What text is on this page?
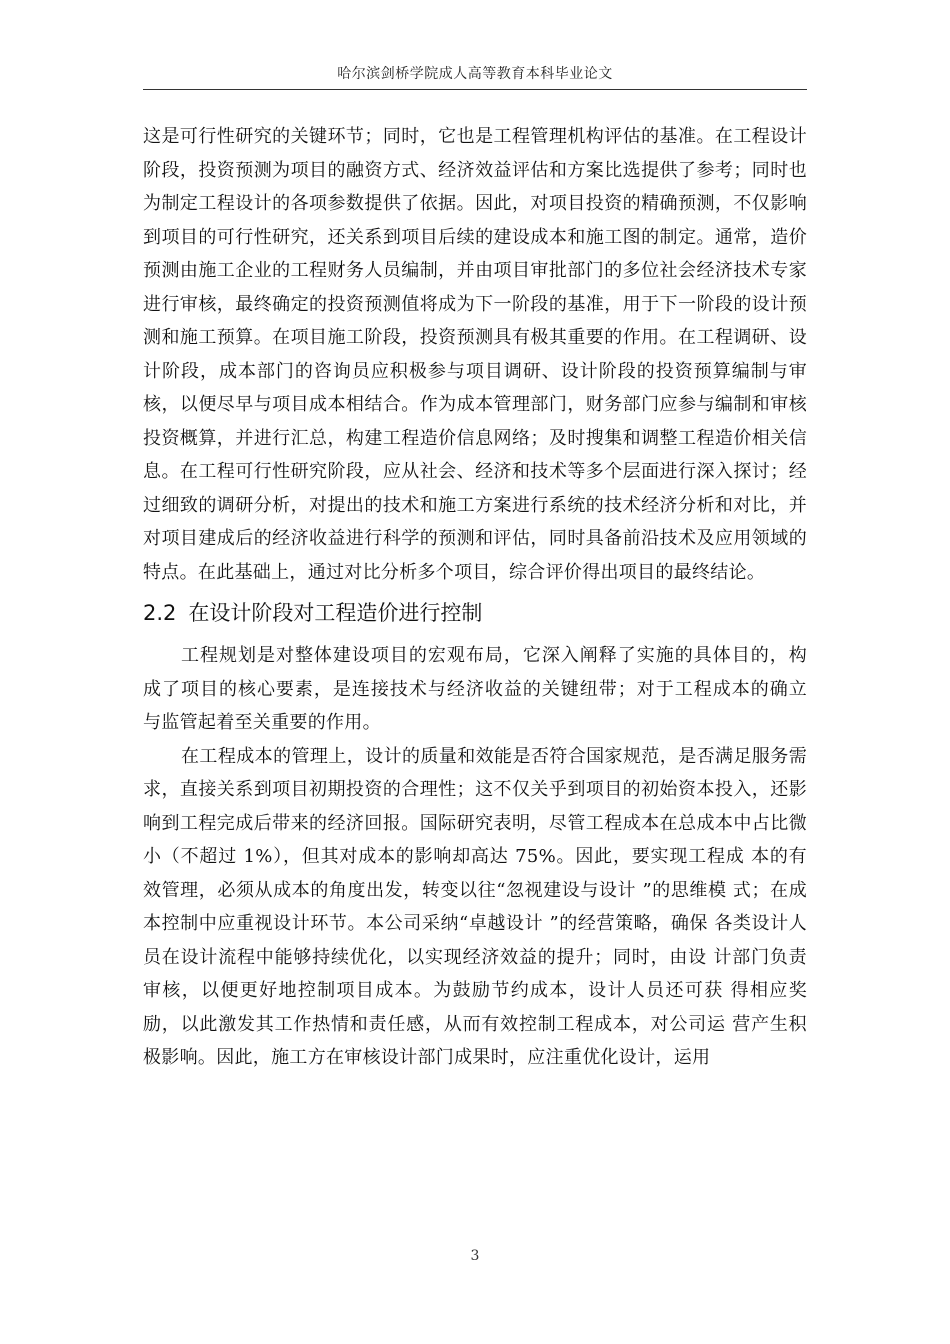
哈尔滨剑桥学院成人高等教育本科毕业论文

这是可行性研究的关键环节；同时，它也是工程管理机构评估的基准。在工程设计阶段，投资预测为项目的融资方式、经济效益评估和方案比选提供了参考；同时也为制定工程设计的各项参数提供了依据。因此，对项目投资的精确预测，不仅影响到项目的可行性研究，还关系到项目后续的建设成本和施工图的制定。通常，造价预测由施工企业的工程财务人员编制，并由项目审批部门的多位社会经济技术专家进行审核，最终确定的投资预测值将成为下一阶段的基准，用于下一阶段的设计预测和施工预算。在项目施工阶段，投资预测具有极其重要的作用。在工程调研、设计阶段，成本部门的咨询员应积极参与项目调研、设计阶段的投资预算编制与审核，以便尽早与项目成本相结合。作为成本管理部门，财务部门应参与编制和审核投资概算，并进行汇总，构建工程造价信息网络；及时搜集和调整工程造价相关信息。在工程可行性研究阶段，应从社会、经济和技术等多个层面进行深入探讨；经过细致的调研分析，对提出的技术和施工方案进行系统的技术经济分析和对比，并对项目建成后的经济收益进行科学的预测和评估，同时具备前沿技术及应用领域的特点。在此基础上，通过对比分析多个项目，综合评价得出项目的最终结论。

2.2 在设计阶段对工程造价进行控制

工程规划是对整体建设项目的宏观布局，它深入阐释了实施的具体目的，构 成了项目的核心要素，是连接技术与经济收益的关键纽带；对于工程成本的确立 与监管起着至关重要的作用。

在工程成本的管理上，设计的质量和效能是否符合国家规范，是否满足服务需求，直接关系到项目初期投资的合理性；这不仅关乎到项目的初始资本投入，还影响到工程完成后带来的经济回报。国际研究表明，尽管工程成本在总成本中占比微小（不超过 1%），但其对成本的影响却高达 75%。因此，要实现工程成 本的有效管理，必须从成本的角度出发，转变以往“忽视建设与设计 ”的思维模 式；在成本控制中应重视设计环节。本公司采纳“卓越设计 ”的经营策略，确保 各类设计人员在设计流程中能够持续优化，以实现经济效益的提升；同时，由设 计部门负责审核，以便更好地控制项目成本。为鼓励节约成本，设计人员还可获 得相应奖励，以此激发其工作热情和责任感，从而有效控制工程成本，对公司运 营产生积极影响。因此，施工方在审核设计部门成果时，应注重优化设计，运用

3
